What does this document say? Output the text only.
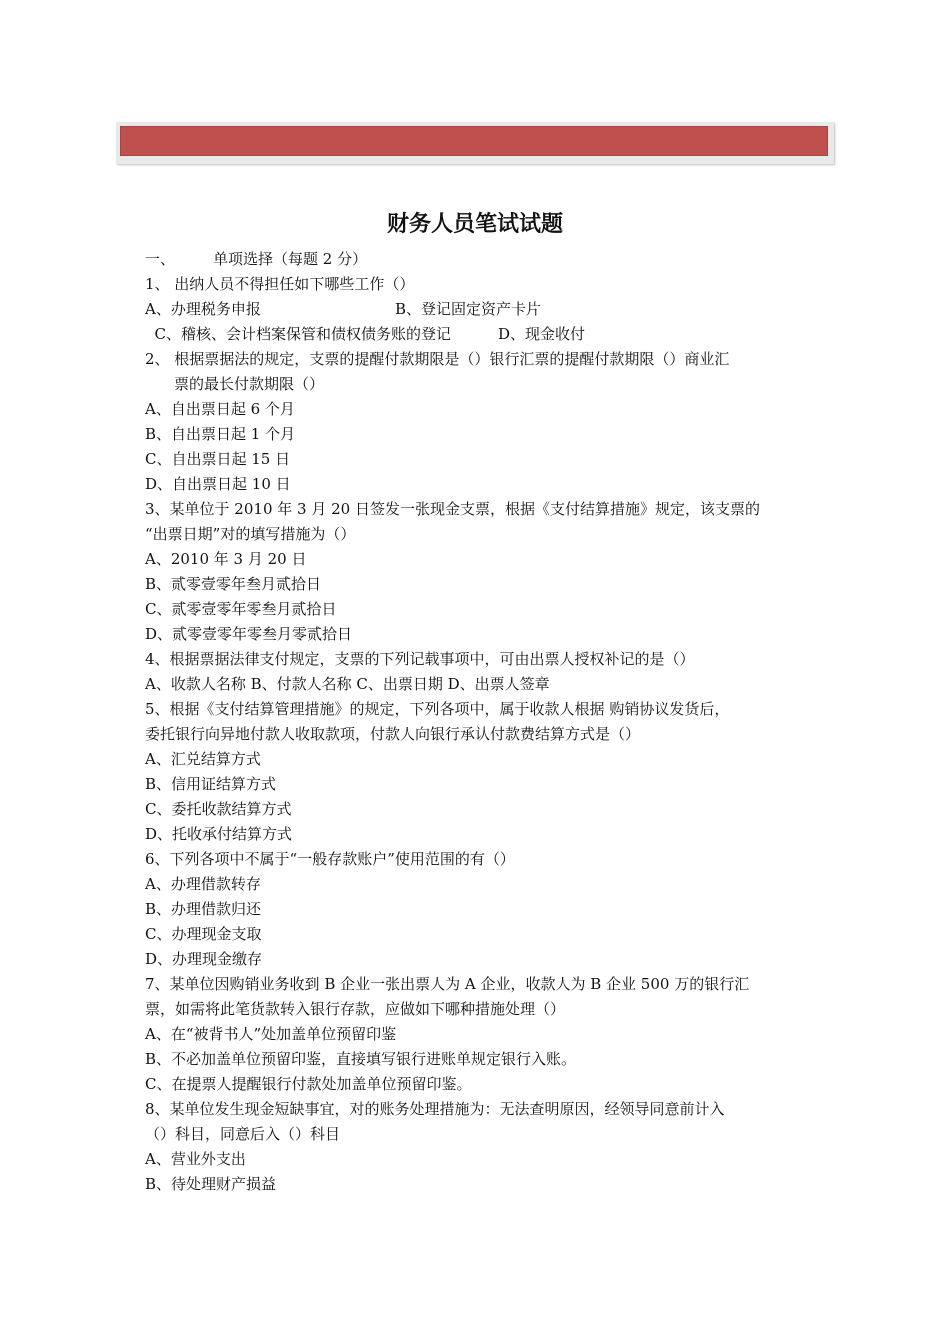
财务人员笔试试题
一、	单项选择（每题 2 分）
1、 出纳人员不得担任如下哪些工作（）
A、办理税务申报	B、登记固定资产卡片
C、稽核、会计档案保管和债权债务账的登记	D、现金收付
2、 根据票据法的规定，支票的提醒付款期限是（）银行汇票的提醒付款期限（）商业汇
票的最长付款期限（）
A、自出票日起 6 个月
B、自出票日起 1 个月
C、自出票日起 15 日
D、自出票日起 10 日
3、某单位于 2010 年 3 月 20 日签发一张现金支票，根据《支付结算措施》规定，该支票的
“出票日期”对的填写措施为（）
A、2010 年 3 月 20 日
B、贰零壹零年叁月贰拾日
C、贰零壹零年零叁月贰拾日
D、贰零壹零年零叁月零贰拾日
4、根据票据法律支付规定，支票的下列记载事项中，可由出票人授权补记的是（）
A、收款人名称 B、付款人名称 C、出票日期 D、出票人签章
5、根据《支付结算管理措施》的规定，下列各项中，属于收款人根据 购销协议发货后，
委托银行向异地付款人收取款项，付款人向银行承认付款费结算方式是（）
A、汇兑结算方式
B、信用证结算方式
C、委托收款结算方式
D、托收承付结算方式
6、下列各项中不属于“一般存款账户”使用范围的有（）
A、办理借款转存
B、办理借款归还
C、办理现金支取
D、办理现金缴存
7、某单位因购销业务收到 B 企业一张出票人为 A 企业，收款人为 B 企业 500 万的银行汇
票，如需将此笔货款转入银行存款，应做如下哪种措施处理（）
A、在“被背书人”处加盖单位预留印鉴
B、不必加盖单位预留印鉴，直接填写银行进账单规定银行入账。
C、在提票人提醒银行付款处加盖单位预留印鉴。
8、某单位发生现金短缺事宜，对的账务处理措施为：无法查明原因，经领导同意前计入
（）科目，同意后入（）科目
A、营业外支出
B、待处理财产损益
